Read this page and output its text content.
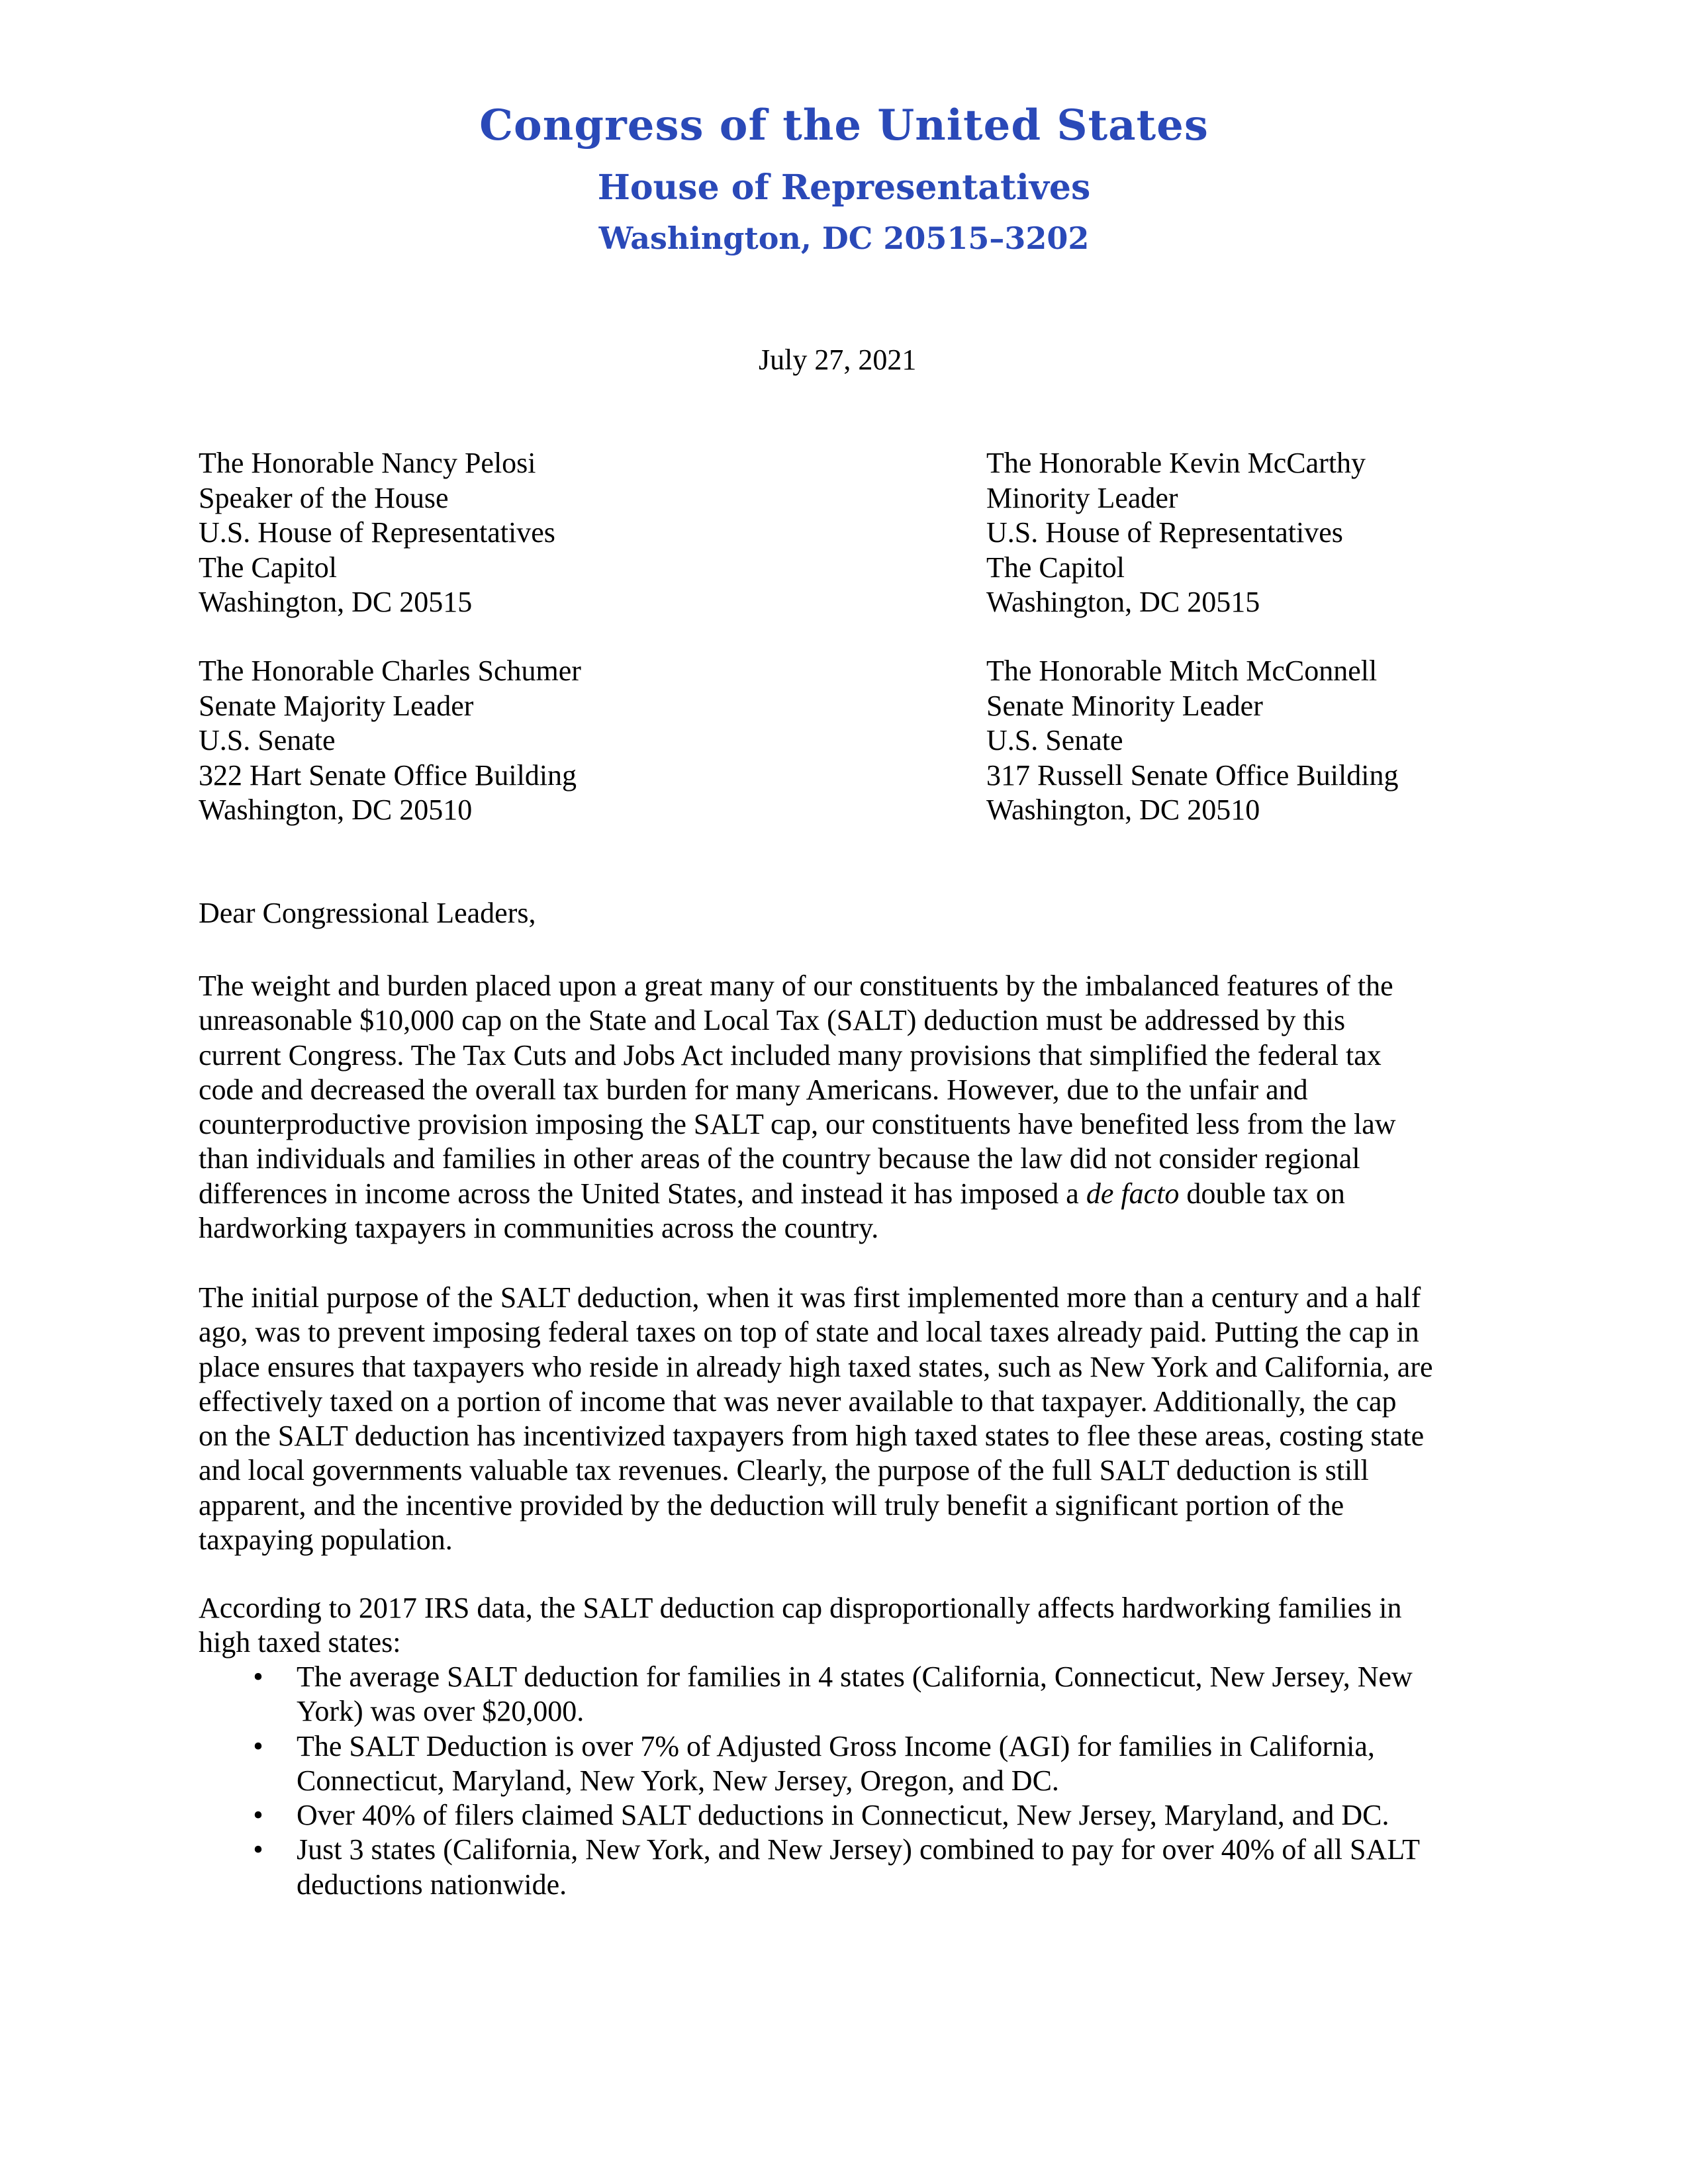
Congress of the United States
House of Representatives
Washington, DC 20515–3202
July 27, 2021
The Honorable Nancy Pelosi
Speaker of the House
U.S. House of Representatives
The Capitol
Washington, DC 20515
The Honorable Kevin McCarthy
Minority Leader
U.S. House of Representatives
The Capitol
Washington, DC 20515
The Honorable Charles Schumer
Senate Majority Leader
U.S. Senate
322 Hart Senate Office Building
Washington, DC 20510
The Honorable Mitch McConnell
Senate Minority Leader
U.S. Senate
317 Russell Senate Office Building
Washington, DC 20510
Dear Congressional Leaders,
The weight and burden placed upon a great many of our constituents by the imbalanced features of the
unreasonable $10,000 cap on the State and Local Tax (SALT) deduction must be addressed by this
current Congress. The Tax Cuts and Jobs Act included many provisions that simplified the federal tax
code and decreased the overall tax burden for many Americans. However, due to the unfair and
counterproductive provision imposing the SALT cap, our constituents have benefited less from the law
than individuals and families in other areas of the country because the law did not consider regional
differences in income across the United States, and instead it has imposed a de facto double tax on
hardworking taxpayers in communities across the country.
The initial purpose of the SALT deduction, when it was first implemented more than a century and a half
ago, was to prevent imposing federal taxes on top of state and local taxes already paid. Putting the cap in
place ensures that taxpayers who reside in already high taxed states, such as New York and California, are
effectively taxed on a portion of income that was never available to that taxpayer. Additionally, the cap
on the SALT deduction has incentivized taxpayers from high taxed states to flee these areas, costing state
and local governments valuable tax revenues. Clearly, the purpose of the full SALT deduction is still
apparent, and the incentive provided by the deduction will truly benefit a significant portion of the
taxpaying population.
According to 2017 IRS data, the SALT deduction cap disproportionally affects hardworking families in
high taxed states:
• The average SALT deduction for families in 4 states (California, Connecticut, New Jersey, New
York) was over $20,000.
• The SALT Deduction is over 7% of Adjusted Gross Income (AGI) for families in California,
Connecticut, Maryland, New York, New Jersey, Oregon, and DC.
• Over 40% of filers claimed SALT deductions in Connecticut, New Jersey, Maryland, and DC.
• Just 3 states (California, New York, and New Jersey) combined to pay for over 40% of all SALT
deductions nationwide.
